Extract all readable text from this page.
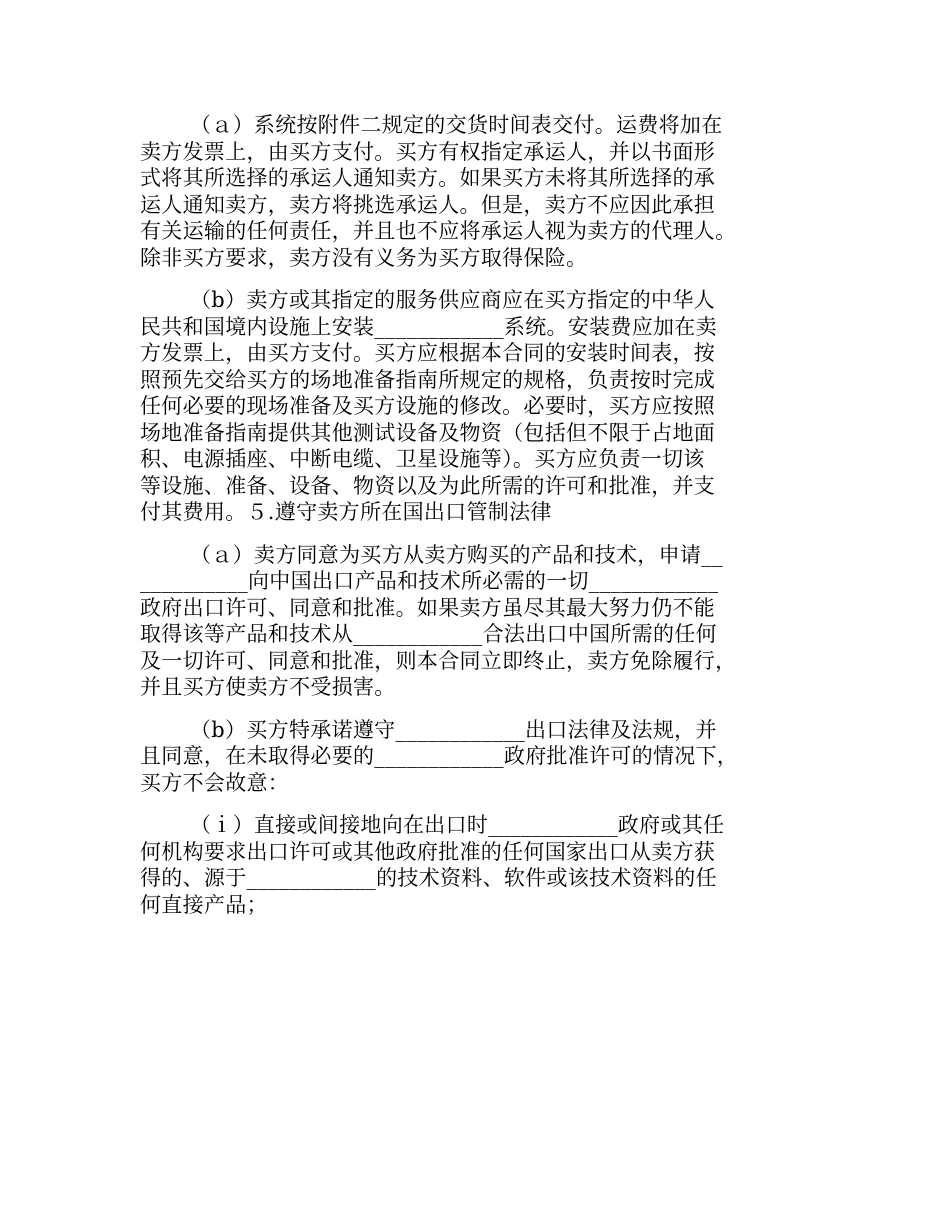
（ａ）系统按附件二规定的交货时间表交付。运费将加在
卖方发票上，由买方支付。买方有权指定承运人，并以书面形
式将其所选择的承运人通知卖方。如果买方未将其所选择的承
运人通知卖方，卖方将挑选承运人。但是，卖方不应因此承担
有关运输的任何责任，并且也不应将承运人视为卖方的代理人。
除非买方要求，卖方没有义务为买方取得保险。
（b）卖方或其指定的服务供应商应在买方指定的中华人
民共和国境内设施上安装____________系统。安装费应加在卖
方发票上，由买方支付。买方应根据本合同的安装时间表，按
照预先交给买方的场地准备指南所规定的规格，负责按时完成
任何必要的现场准备及买方设施的修改。必要时，买方应按照
场地准备指南提供其他测试设备及物资（包括但不限于占地面
积、电源插座、中断电缆、卫星设施等）。买方应负责一切该
等设施、准备、设备、物资以及为此所需的许可和批准，并支
付其费用。５.遵守卖方所在国出口管制法律
（ａ）卖方同意为买方从卖方购买的产品和技术，申请__
__________向中国出口产品和技术所必需的一切____________
政府出口许可、同意和批准。如果卖方虽尽其最大努力仍不能
取得该等产品和技术从____________合法出口中国所需的任何
及一切许可、同意和批准，则本合同立即终止，卖方免除履行，
并且买方使卖方不受损害。
（b）买方特承诺遵守____________出口法律及法规，并
且同意，在未取得必要的____________政府批准许可的情况下，
买方不会故意：
（ｉ）直接或间接地向在出口时____________政府或其任
何机构要求出口许可或其他政府批准的任何国家出口从卖方获
得的、源于____________的技术资料、软件或该技术资料的任
何直接产品；
